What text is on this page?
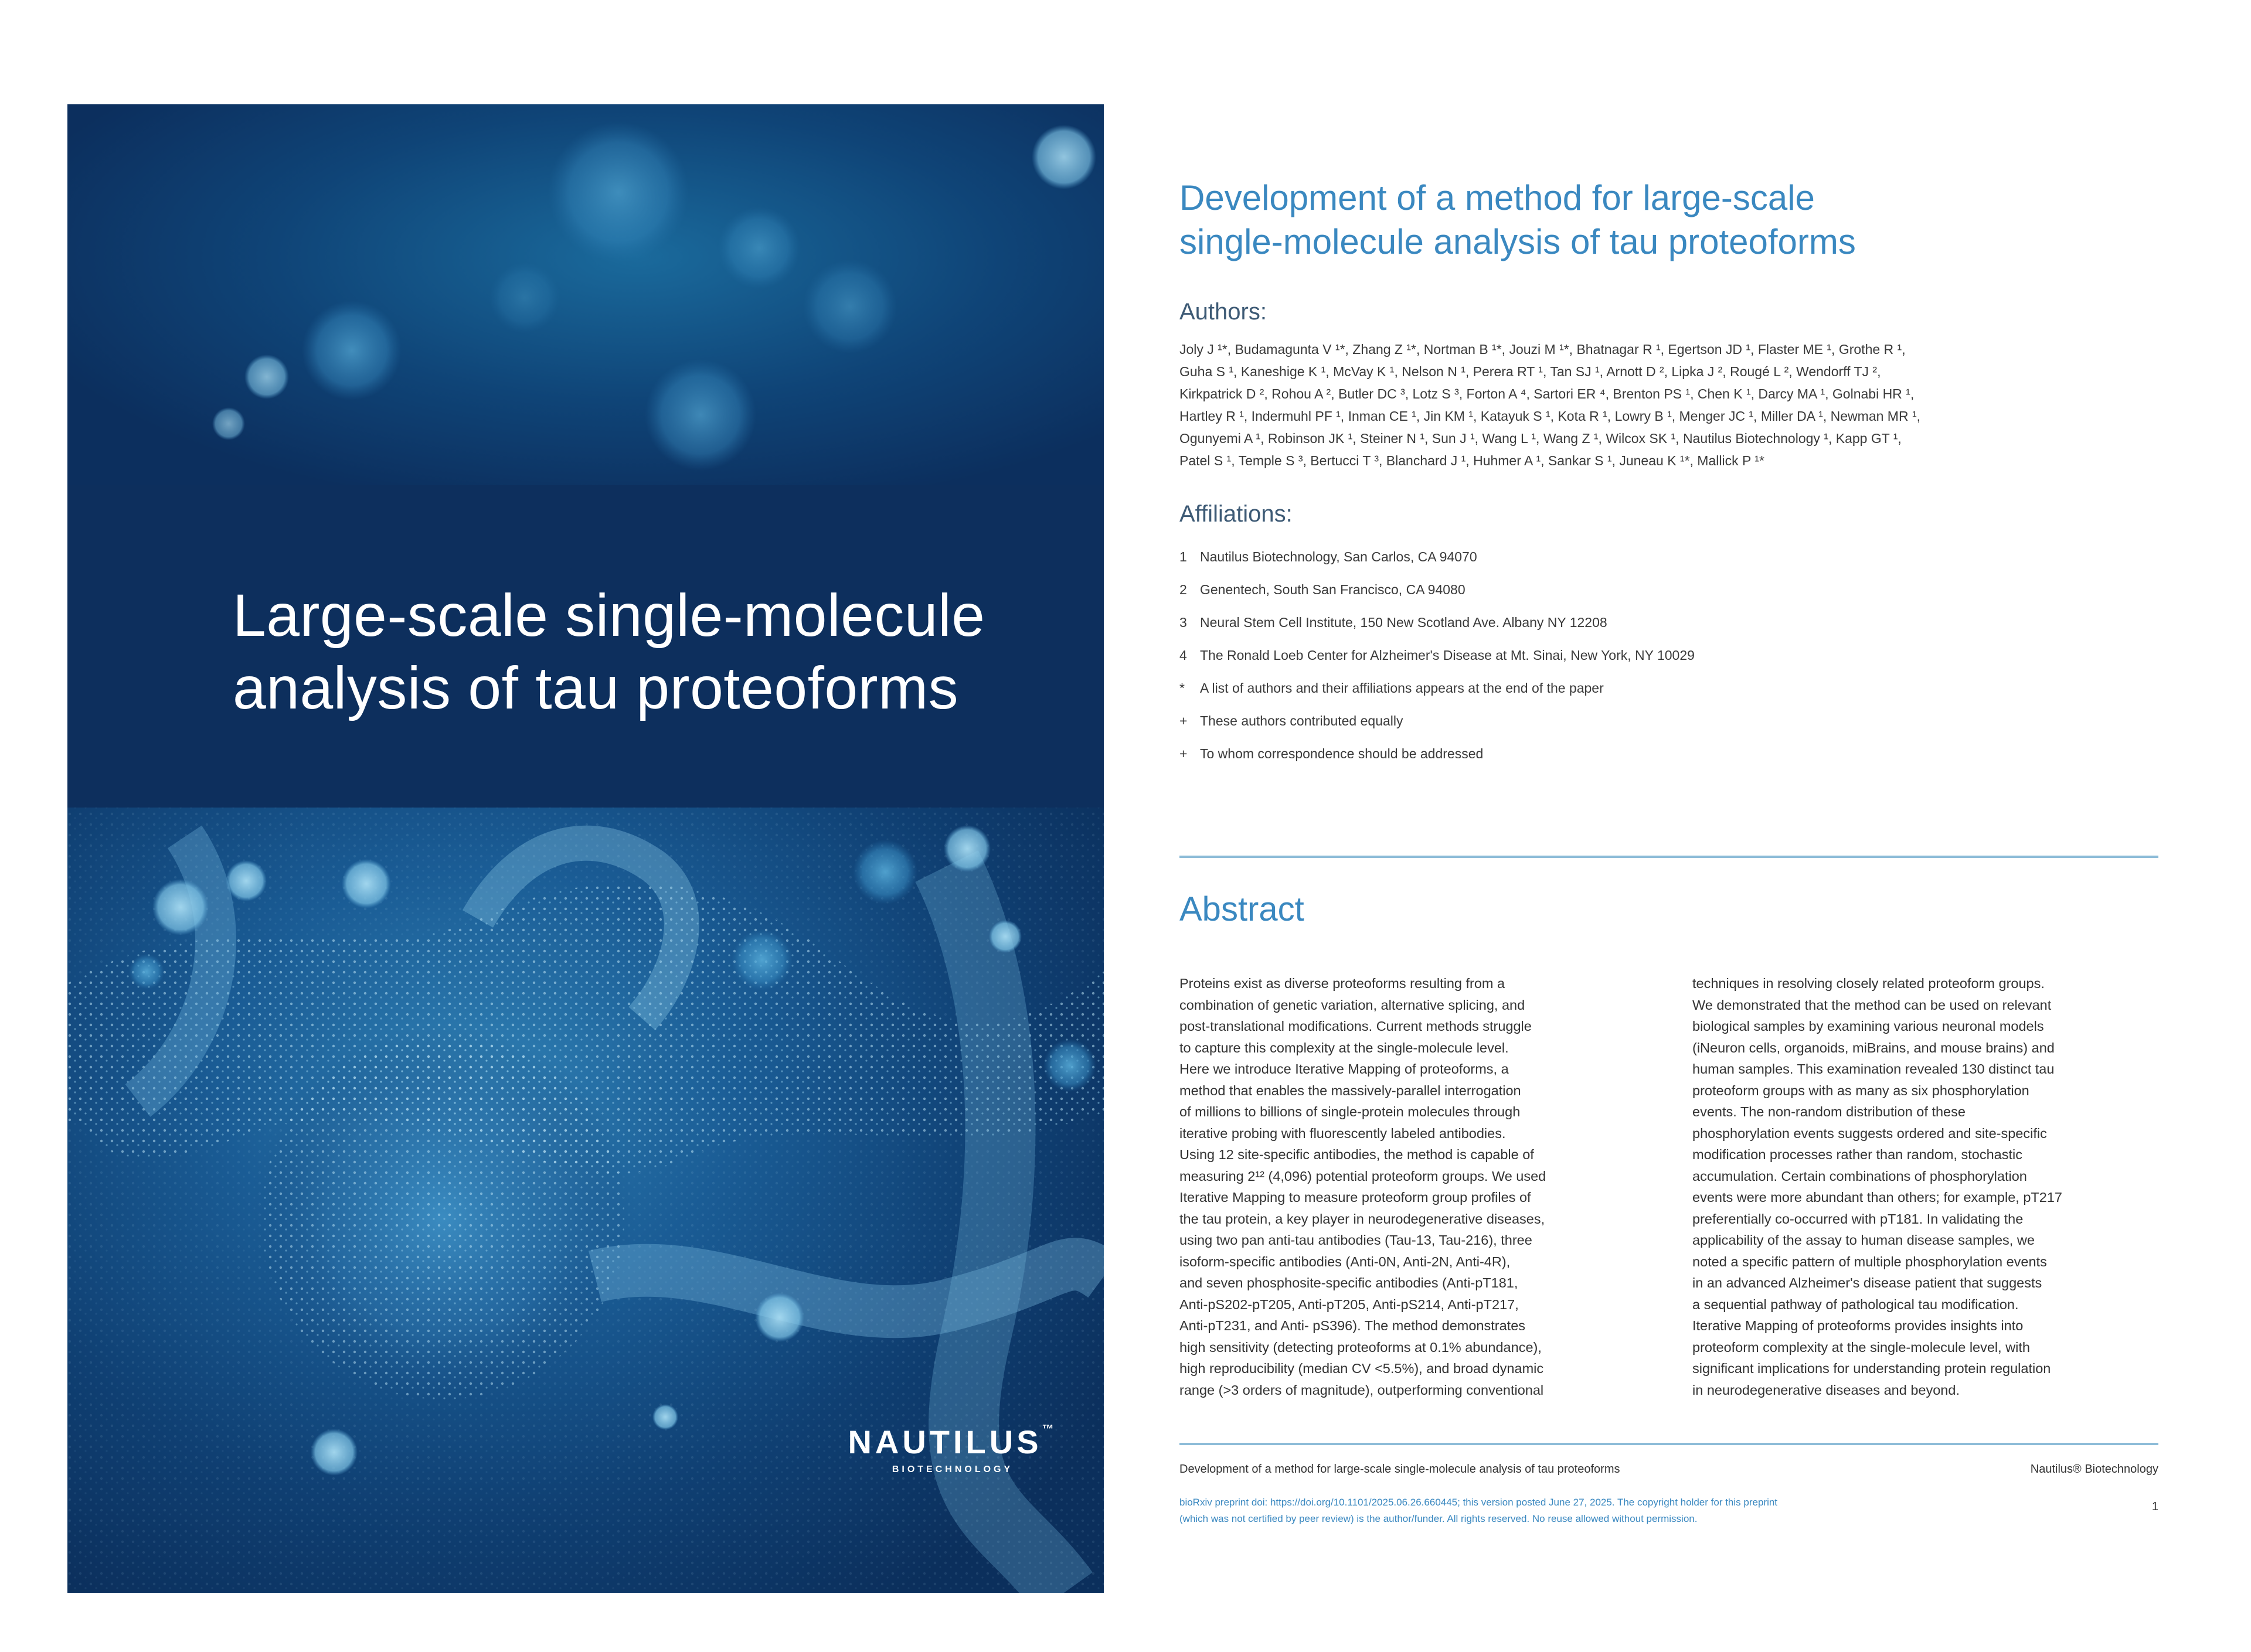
Large-scale single-molecule
analysis of tau proteoforms
NAUTILUS™
BIOTECHNOLOGY
Development of a method for large-scale
single-molecule analysis of tau proteoforms
Authors:
Joly J ¹*, Budamagunta V ¹*, Zhang Z ¹*, Nortman B ¹*, Jouzi M ¹*, Bhatnagar R ¹, Egertson JD ¹, Flaster ME ¹, Grothe R ¹,
Guha S ¹, Kaneshige K ¹, McVay K ¹, Nelson N ¹, Perera RT ¹, Tan SJ ¹, Arnott D ², Lipka J ², Rougé L ², Wendorff TJ ²,
Kirkpatrick D ², Rohou A ², Butler DC ³, Lotz S ³, Forton A ⁴, Sartori ER ⁴, Brenton PS ¹, Chen K ¹, Darcy MA ¹, Golnabi HR ¹,
Hartley R ¹, Indermuhl PF ¹, Inman CE ¹, Jin KM ¹, Katayuk S ¹, Kota R ¹, Lowry B ¹, Menger JC ¹, Miller DA ¹, Newman MR ¹,
Ogunyemi A ¹, Robinson JK ¹, Steiner N ¹, Sun J ¹, Wang L ¹, Wang Z ¹, Wilcox SK ¹, Nautilus Biotechnology ¹, Kapp GT ¹,
Patel S ¹, Temple S ³, Bertucci T ³, Blanchard J ¹, Huhmer A ¹, Sankar S ¹, Juneau K ¹*, Mallick P ¹*
Affiliations:
1 Nautilus Biotechnology, San Carlos, CA 94070
2 Genentech, South San Francisco, CA 94080
3 Neural Stem Cell Institute, 150 New Scotland Ave. Albany NY 12208
4 The Ronald Loeb Center for Alzheimer's Disease at Mt. Sinai, New York, NY 10029
*	A list of authors and their affiliations appears at the end of the paper
+ These authors contributed equally
+ To whom correspondence should be addressed
Abstract
Proteins exist as diverse proteoforms resulting from a
combination of genetic variation, alternative splicing, and
post-translational modifications. Current methods struggle
to capture this complexity at the single-molecule level.
Here we introduce Iterative Mapping of proteoforms, a
method that enables the massively-parallel interrogation
of millions to billions of single-protein molecules through
iterative probing with fluorescently labeled antibodies.
Using 12 site-specific antibodies, the method is capable of
measuring 2¹² (4,096) potential proteoform groups. We used
Iterative Mapping to measure proteoform group profiles of
the tau protein, a key player in neurodegenerative diseases,
using two pan anti-tau antibodies (Tau-13, Tau-216), three
isoform-specific antibodies (Anti-0N, Anti-2N, Anti-4R),
and seven phosphosite-specific antibodies (Anti-pT181,
Anti-pS202-pT205, Anti-pT205, Anti-pS214, Anti-pT217,
Anti-pT231, and Anti- pS396). The method demonstrates
high sensitivity (detecting proteoforms at 0.1% abundance),
high reproducibility (median CV <5.5%), and broad dynamic
range (>3 orders of magnitude), outperforming conventional
techniques in resolving closely related proteoform groups.
We demonstrated that the method can be used on relevant
biological samples by examining various neuronal models
(iNeuron cells, organoids, miBrains, and mouse brains) and
human samples. This examination revealed 130 distinct tau
proteoform groups with as many as six phosphorylation
events. The non-random distribution of these
phosphorylation events suggests ordered and site-specific
modification processes rather than random, stochastic
accumulation. Certain combinations of phosphorylation
events were more abundant than others; for example, pT217
preferentially co-occurred with pT181. In validating the
applicability of the assay to human disease samples, we
noted a specific pattern of multiple phosphorylation events
in an advanced Alzheimer's disease patient that suggests
a sequential pathway of pathological tau modification.
Iterative Mapping of proteoforms provides insights into
proteoform complexity at the single-molecule level, with
significant implications for understanding protein regulation
in neurodegenerative diseases and beyond.
Development of a method for large-scale single-molecule analysis of tau proteoforms	Nautilus® Biotechnology
bioRxiv preprint doi: https://doi.org/10.1101/2025.06.26.660445; this version posted June 27, 2025. The copyright holder for this preprint
(which was not certified by peer review) is the author/funder. All rights reserved. No reuse allowed without permission.
1
